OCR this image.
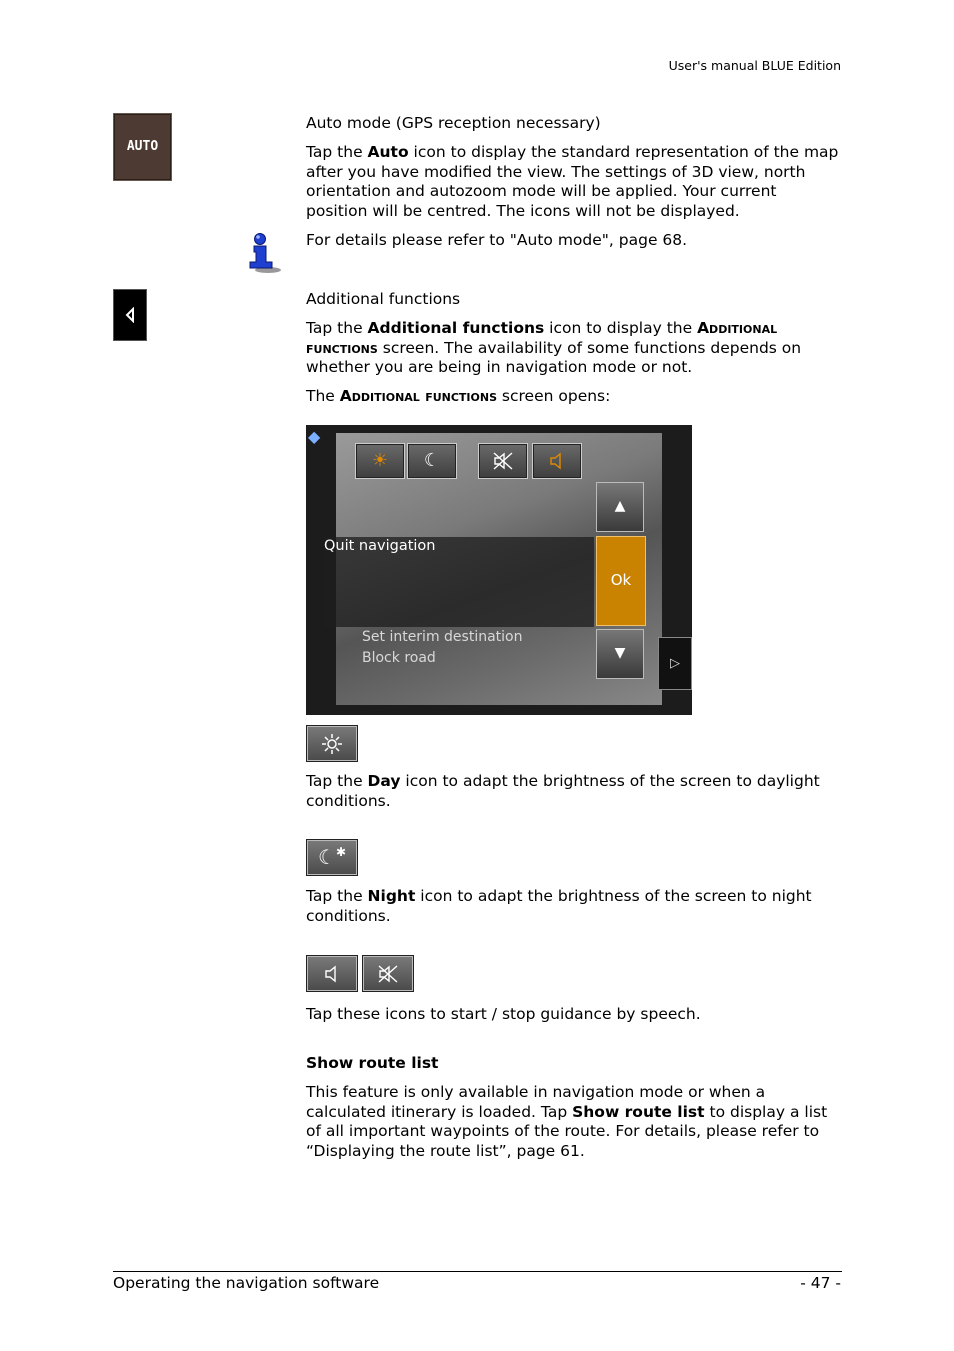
User's manual BLUE Edition
AUTO

Auto mode (GPS reception necessary)

Tap the Auto icon to display the standard representation of the map after you have modified the view. The settings of 3D view, north orientation and autozoom mode will be applied. Your current position will be centred. The icons will not be displayed.

For details please refer to "Auto mode", page 68.

Additional functions

Tap the Additional functions icon to display the Additional functions screen. The availability of some functions depends on whether you are being in navigation mode or not.

The Additional functions screen opens:

◆
☀	☾
▲
Ok
▼
Quit navigation
Set interim destination
Block road	▷

Tap the Day icon to adapt the brightness of the screen to daylight conditions.

☾ ✱

Tap the Night icon to adapt the brightness of the screen to night conditions.

Tap these icons to start / stop guidance by speech.

Show route list

This feature is only available in navigation mode or when a calculated itinerary is loaded. Tap Show route list to display a list of all important waypoints of the route. For details, please refer to “Displaying the route list”, page 61.

Operating the navigation software	- 47 -
